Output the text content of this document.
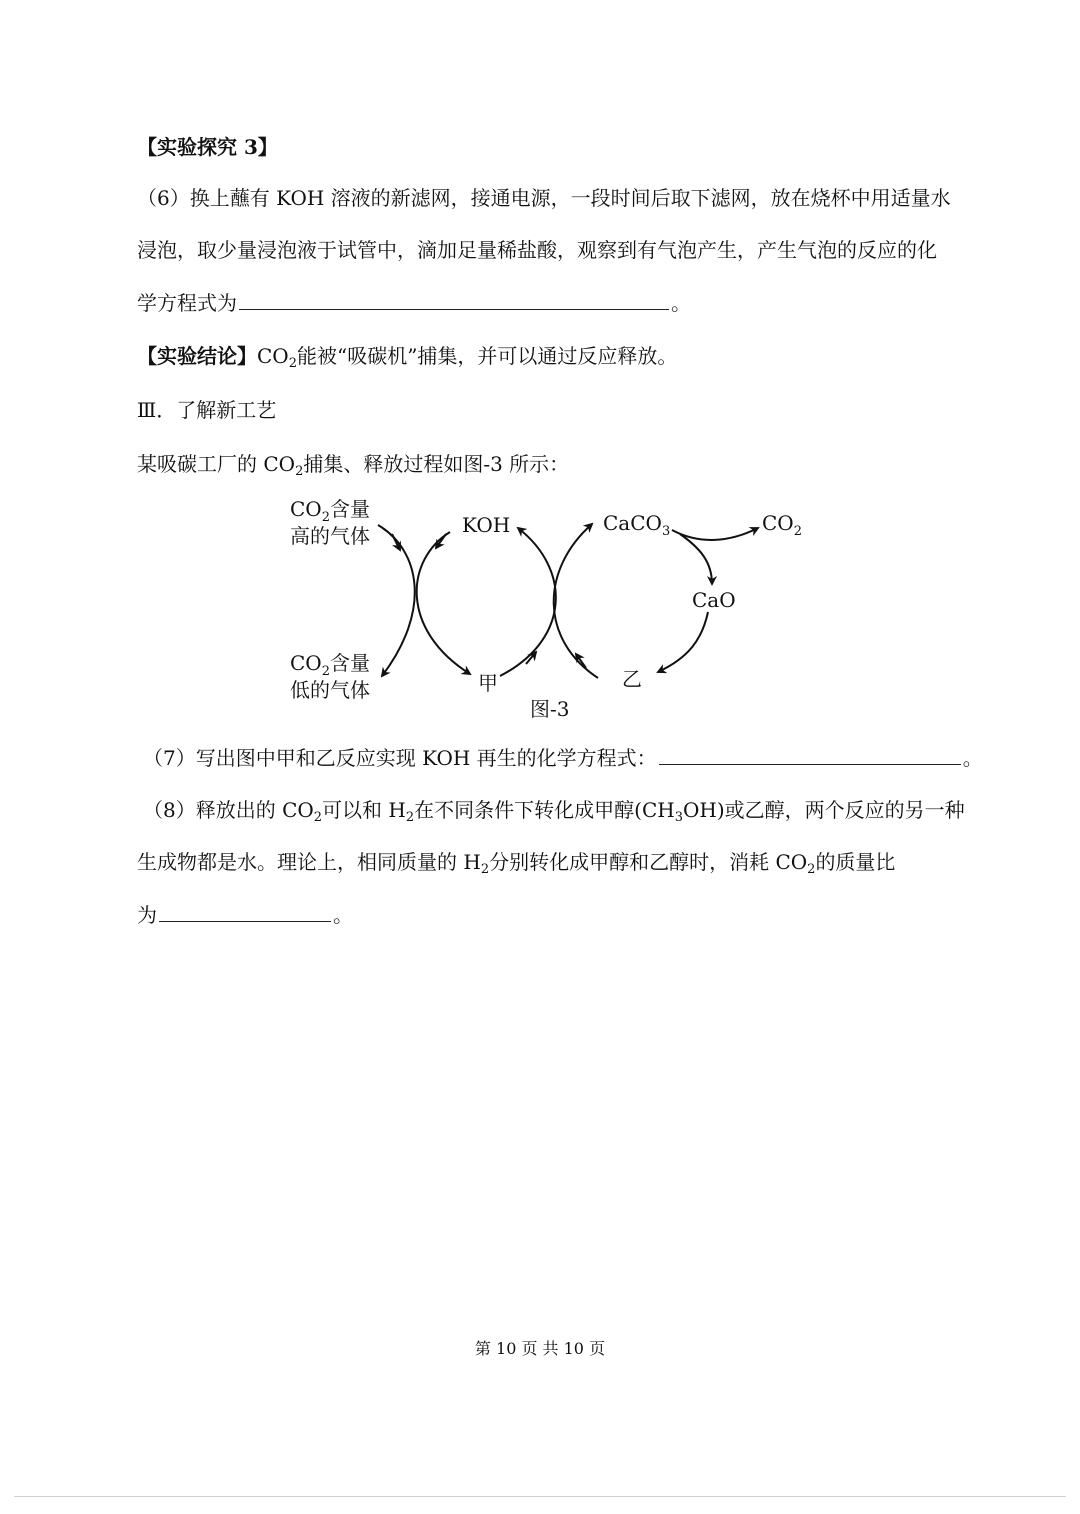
【实验探究 3】
（6）换上蘸有 KOH 溶液的新滤网，接通电源，一段时间后取下滤网，放在烧杯中用适量水
浸泡，取少量浸泡液于试管中，滴加足量稀盐酸，观察到有气泡产生，产生气泡的反应的化
学方程式为	。
【实验结论】$CO_2$能被“吸碳机”捕集，并可以通过反应释放。
Ⅲ．了解新工艺
某吸碳工厂的 $CO_2$捕集、释放过程如图-3 所示：
$CO_2$含量
高的气体
$CO_2$含量
低的气体
KOH
甲
CaCO$_3$	$CO_2$
CaO
乙
图-3
（7）写出图中甲和乙反应实现 KOH 再生的化学方程式：	。
（8）释放出的 $CO_2$可以和 $H_2$在不同条件下转化成甲醇$(CH_3OH)$或乙醇，两个反应的另一种
生成物都是水。理论上，相同质量的 $H_2$分别转化成甲醇和乙醇时，消耗 $CO_2$的质量比
为	。
第 10 页 共 10 页
